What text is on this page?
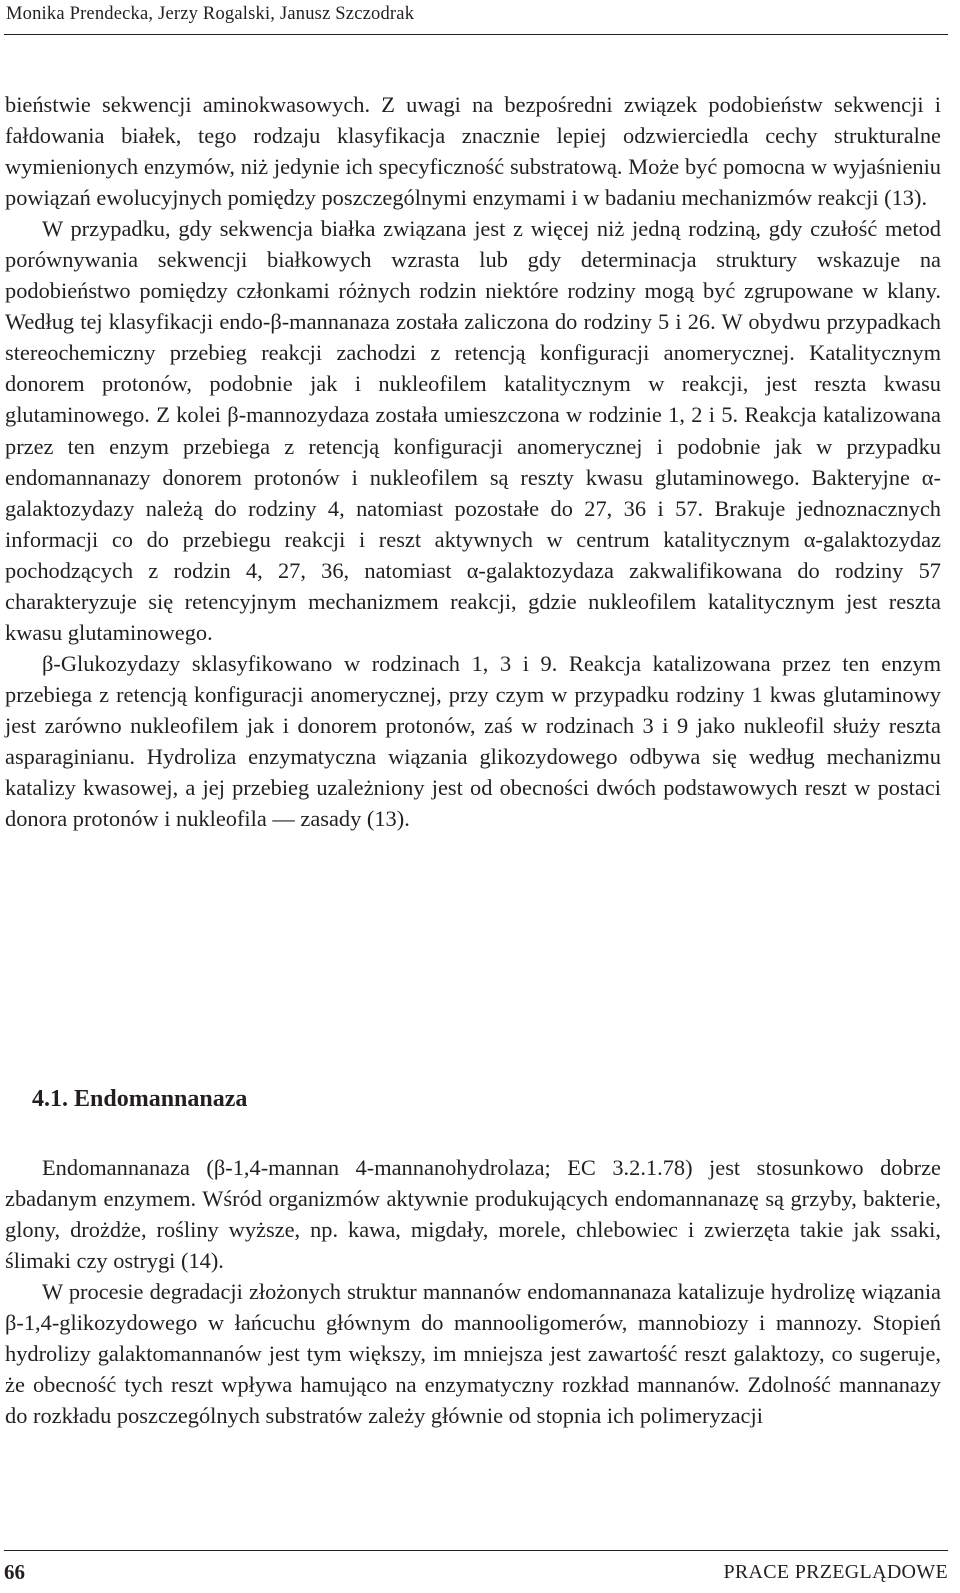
Monika Prendecka, Jerzy Rogalski, Janusz Szczodrak

bieństwie sekwencji aminokwasowych. Z uwagi na bezpośredni związek podobieństw sekwencji i fałdowania białek, tego rodzaju klasyfikacja znacznie lepiej odzwierciedla cechy strukturalne wymienionych enzymów, niż jedynie ich specyficzność substratową. Może być pomocna w wyjaśnieniu powiązań ewolucyjnych pomiędzy poszczególnymi enzymami i w badaniu mechanizmów reakcji (13).

W przypadku, gdy sekwencja białka związana jest z więcej niż jedną rodziną, gdy czułość metod porównywania sekwencji białkowych wzrasta lub gdy determinacja struktury wskazuje na podobieństwo pomiędzy członkami różnych rodzin niektóre rodziny mogą być zgrupowane w klany. Według tej klasyfikacji endo-β-mannanaza została zaliczona do rodziny 5 i 26. W obydwu przypadkach stereochemiczny przebieg reakcji zachodzi z retencją konfiguracji anomerycznej. Katalitycznym donorem protonów, podobnie jak i nukleofilem katalitycznym w reakcji, jest reszta kwasu glutaminowego. Z kolei β-mannozydaza została umieszczona w rodzinie 1, 2 i 5. Reakcja katalizowana przez ten enzym przebiega z retencją konfiguracji anomerycznej i podobnie jak w przypadku endomannanazy donorem protonów i nukleofilem są reszty kwasu glutaminowego. Bakteryjne α-galaktozydazy należą do rodziny 4, natomiast pozostałe do 27, 36 i 57. Brakuje jednoznacznych informacji co do przebiegu reakcji i reszt aktywnych w centrum katalitycznym α-galaktozydaz pochodzących z rodzin 4, 27, 36, natomiast α-galaktozydaza zakwalifikowana do rodziny 57 charakteryzuje się retencyjnym mechanizmem reakcji, gdzie nukleofilem katalitycznym jest reszta kwasu glutaminowego.

β-Glukozydazy sklasyfikowano w rodzinach 1, 3 i 9. Reakcja katalizowana przez ten enzym przebiega z retencją konfiguracji anomerycznej, przy czym w przypadku rodziny 1 kwas glutaminowy jest zarówno nukleofilem jak i donorem protonów, zaś w rodzinach 3 i 9 jako nukleofil służy reszta asparaginianu. Hydroliza enzymatyczna wiązania glikozydowego odbywa się według mechanizmu katalizy kwasowej, a jej przebieg uzależniony jest od obecności dwóch podstawowych reszt w postaci donora protonów i nukleofila — zasady (13).

4.1. Endomannanaza

Endomannanaza (β-1,4-mannan 4-mannanohydrolaza; EC 3.2.1.78) jest stosunkowo dobrze zbadanym enzymem. Wśród organizmów aktywnie produkujących endomannanazę są grzyby, bakterie, glony, drożdże, rośliny wyższe, np. kawa, migdały, morele, chlebowiec i zwierzęta takie jak ssaki, ślimaki czy ostrygi (14).

W procesie degradacji złożonych struktur mannanów endomannanaza katalizuje hydrolizę wiązania β-1,4-glikozydowego w łańcuchu głównym do mannooligomerów, mannobiozy i mannozy. Stopień hydrolizy galaktomannanów jest tym większy, im mniejsza jest zawartość reszt galaktozy, co sugeruje, że obecność tych reszt wpływa hamująco na enzymatyczny rozkład mannanów. Zdolność mannanazy do rozkładu poszczególnych substratów zależy głównie od stopnia ich polimeryzacji

66	PRACE PRZEGLĄDOWE
